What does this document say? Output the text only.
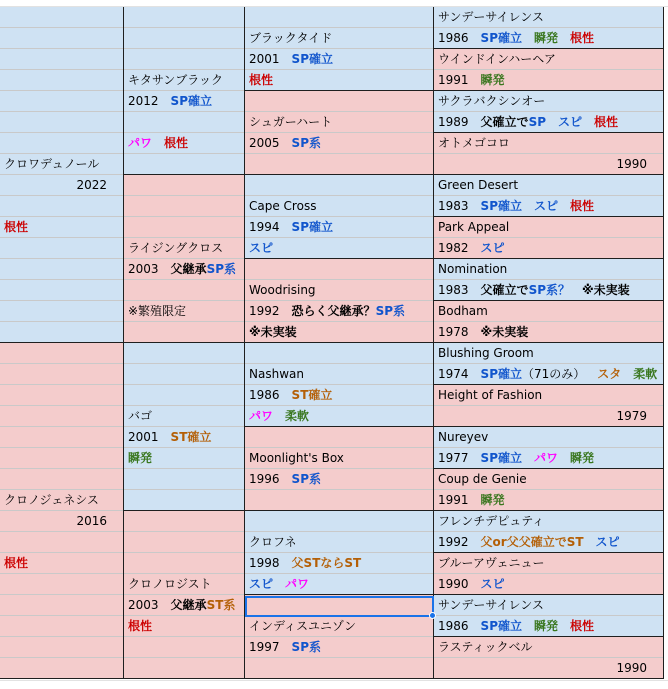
クロワデュノール
2022
根性
クロノジェネシス
2016
根性
キタサンブラック
2012 SP確立
パワ 根性
ライジングクロス
2003 父継承SP系
※繁殖限定
バゴ
2001 ST確立
瞬発
クロノロジスト
2003 父継承ST系
根性
ブラックタイド
2001 SP確立
根性
シュガーハート
2005 SP系
Cape Cross
1994 SP確立
スピ
Woodrising
1992 恐らく父継承？SP系
※未実装
Nashwan
1986 ST確立
パワ 柔軟
Moonlight's Box
1996 SP系
クロフネ
1998 父STならST
スピ パワ
インディスユニゾン
1997 SP系
サンデーサイレンス
1986 SP確立 瞬発 根性
ウインドインハーヘア
1991 瞬発
サクラバクシンオー
1989 父確立でSP スピ 根性
オトメゴコロ
1990
Green Desert
1983 SP確立 スピ 根性
Park Appeal
1982 スピ
Nomination
1983 父確立でSP系？ ※未実装
Bodham
1978 ※未実装
Blushing Groom
1974 SP確立（71のみ） スタ 柔軟
Height of Fashion
1979
Nureyev
1977 SP確立 パワ 瞬発
Coup de Genie
1991 瞬発
フレンチデピュティ
1992 父or父父確立でST スピ
ブルーアヴェニュー
1990 スピ
サンデーサイレンス
1986 SP確立 瞬発 根性
ラスティックベル
1990
